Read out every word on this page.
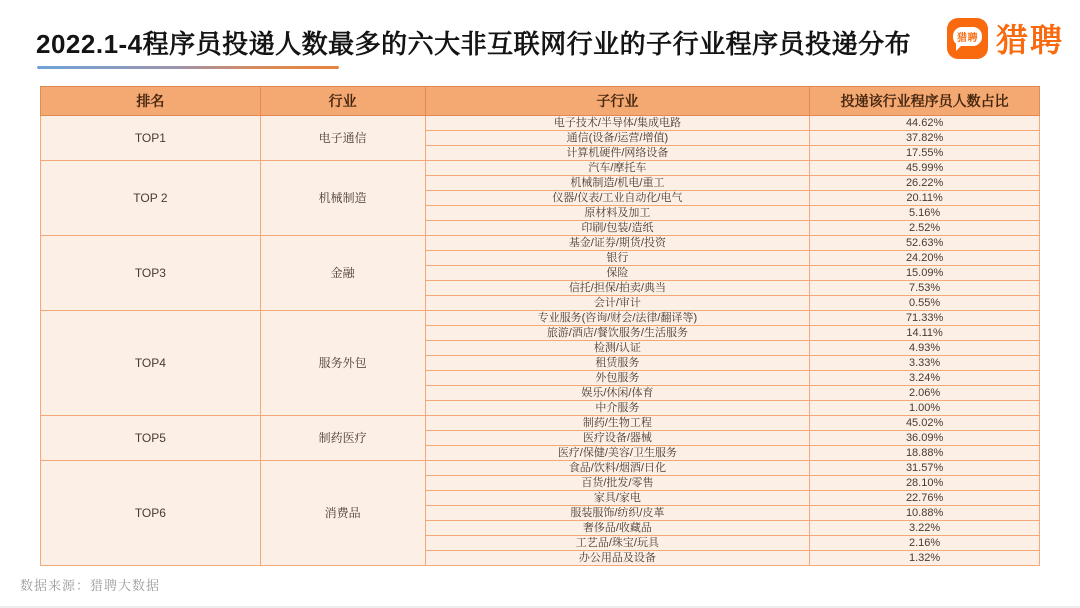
2022.1-4程序员投递人数最多的六大非互联网行业的子行业程序员投递分布	猎聘 猎聘
排名	行业	子行业	投递该行业程序员人数占比
TOP1	电子通信	电子技术/半导体/集成电路	44.62%
		通信(设备/运营/增值)	37.82%
		计算机硬件/网络设备	17.55%
TOP 2	机械制造	汽车/摩托车	45.99%
		机械制造/机电/重工	26.22%
		仪器/仪表/工业自动化/电气	20.11%
		原材料及加工	5.16%
		印刷/包装/造纸	2.52%
TOP3	金融	基金/证券/期货/投资	52.63%
		银行	24.20%
		保险	15.09%
		信托/担保/拍卖/典当	7.53%
		会计/审计	0.55%
TOP4	服务外包	专业服务(咨询/财会/法律/翻译等)	71.33%
		旅游/酒店/餐饮服务/生活服务	14.11%
		检测/认证	4.93%
		租赁服务	3.33%
		外包服务	3.24%
		娱乐/休闲/体育	2.06%
		中介服务	1.00%
TOP5	制药医疗	制药/生物工程	45.02%
		医疗设备/器械	36.09%
		医疗/保健/美容/卫生服务	18.88%
TOP6	消费品	食品/饮料/烟酒/日化	31.57%
		百货/批发/零售	28.10%
		家具/家电	22.76%
		服装服饰/纺织/皮革	10.88%
		奢侈品/收藏品	3.22%
		工艺品/珠宝/玩具	2.16%
		办公用品及设备	1.32%
数据来源：猎聘大数据
